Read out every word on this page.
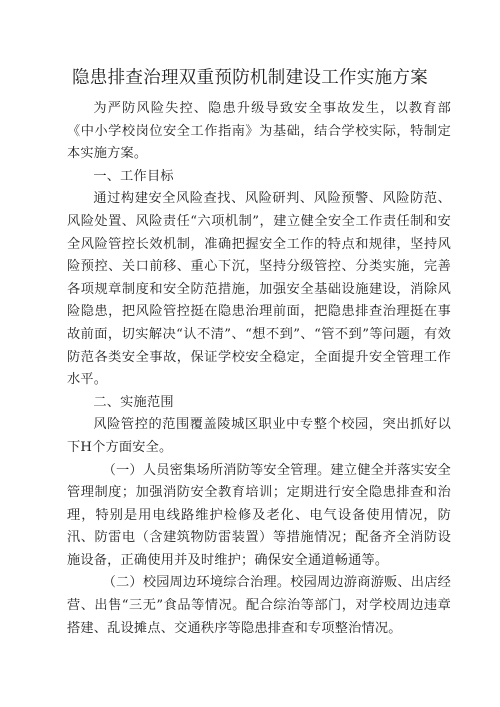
隐患排查治理双重预防机制建设工作实施方案

为严防风险失控、隐患升级导致安全事故发生，以教育部《中小学校岗位安全工作指南》为基础，结合学校实际，特制定本实施方案。

一、工作目标

通过构建安全风险查找、风险研判、风险预警、风险防范、风险处置、风险责任“六项机制”，建立健全安全工作责任制和安全风险管控长效机制，准确把握安全工作的特点和规律，坚持风险预控、关口前移、重心下沉，坚持分级管控、分类实施，完善各项规章制度和安全防范措施，加强安全基础设施建设，消除风险隐患，把风险管控挺在隐患治理前面，把隐患排查治理挺在事故前面，切实解决“认不清”、“想不到”、“管不到”等问题，有效防范各类安全事故，保证学校安全稳定，全面提升安全管理工作水平。

二、实施范围

风险管控的范围覆盖陵城区职业中专整个校园，突出抓好以下H个方面安全。

（一）人员密集场所消防等安全管理。建立健全并落实安全管理制度；加强消防安全教育培训；定期进行安全隐患排查和治理，特别是用电线路维护检修及老化、电气设备使用情况，防汛、防雷电（含建筑物防雷装置）等措施情况；配备齐全消防设施设备，正确使用并及时维护；确保安全通道畅通等。

（二）校园周边环境综合治理。校园周边游商游贩、出店经营、出售“三无”食品等情况。配合综治等部门，对学校周边违章搭建、乱设摊点、交通秩序等隐患排查和专项整治情况。
